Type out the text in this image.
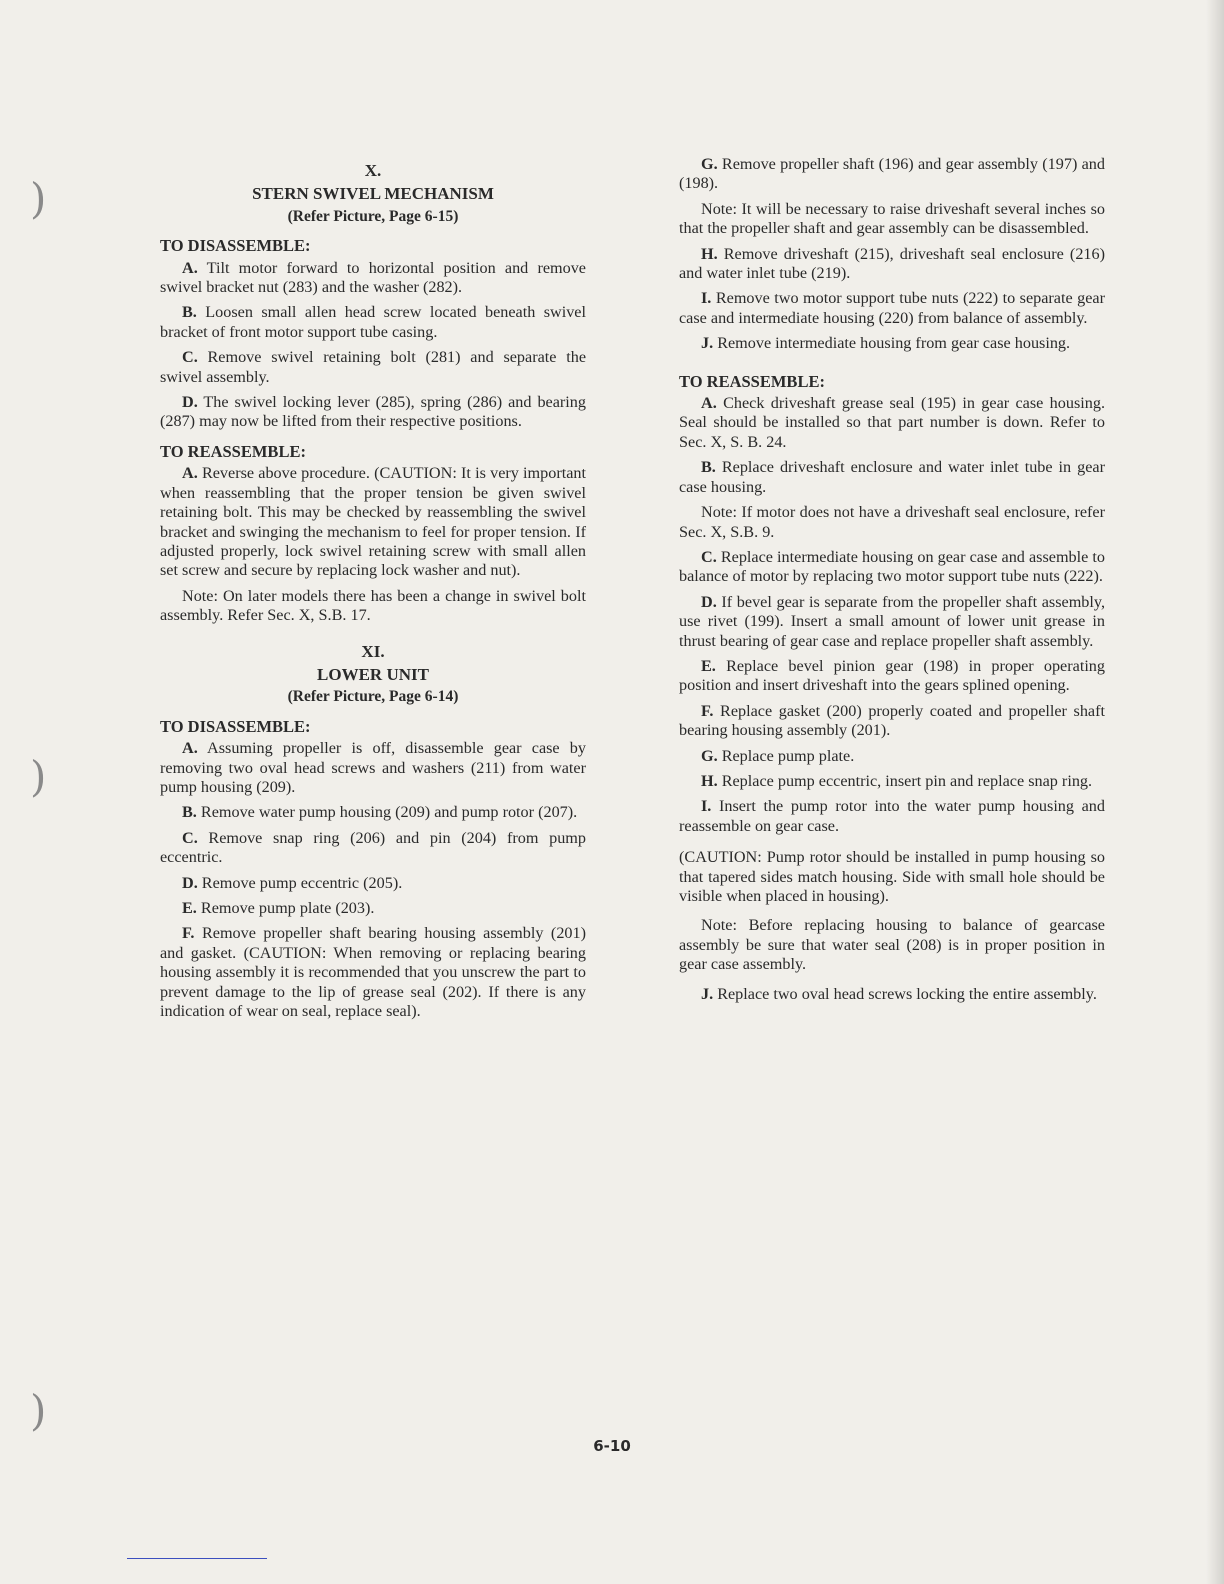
)
)
)
X.
STERN SWIVEL MECHANISM
(Refer Picture, Page 6-15)
TO DISASSEMBLE:

A. Tilt motor forward to horizontal position and remove swivel bracket nut (283) and the washer (282).

B. Loosen small allen head screw located beneath swivel bracket of front motor support tube casing.

C. Remove swivel retaining bolt (281) and separate the swivel assembly.

D. The swivel locking lever (285), spring (286) and bearing (287) may now be lifted from their respective positions.

TO REASSEMBLE:

A. Reverse above procedure. (CAUTION: It is very important when reassembling that the proper tension be given swivel retaining bolt. This may be checked by reassembling the swivel bracket and swinging the mechanism to feel for proper tension. If adjusted properly, lock swivel retaining screw with small allen set screw and secure by replacing lock washer and nut).

Note: On later models there has been a change in swivel bolt assembly. Refer Sec. X, S.B. 17.

XI.
LOWER UNIT
(Refer Picture, Page 6-14)
TO DISASSEMBLE:

A. Assuming propeller is off, disassemble gear case by removing two oval head screws and washers (211) from water pump housing (209).

B. Remove water pump housing (209) and pump rotor (207).

C. Remove snap ring (206) and pin (204) from pump eccentric.

D. Remove pump eccentric (205).

E. Remove pump plate (203).

F. Remove propeller shaft bearing housing assembly (201) and gasket. (CAUTION: When removing or replacing bearing housing assembly it is recommended that you unscrew the part to prevent damage to the lip of grease seal (202). If there is any indication of wear on seal, replace seal).

G. Remove propeller shaft (196) and gear assembly (197) and (198).

Note: It will be necessary to raise driveshaft several inches so that the propeller shaft and gear assembly can be disassembled.

H. Remove driveshaft (215), driveshaft seal enclosure (216) and water inlet tube (219).

I. Remove two motor support tube nuts (222) to separate gear case and intermediate housing (220) from balance of assembly.

J. Remove intermediate housing from gear case housing.

TO REASSEMBLE:

A. Check driveshaft grease seal (195) in gear case housing. Seal should be installed so that part number is down. Refer to Sec. X, S. B. 24.

B. Replace driveshaft enclosure and water inlet tube in gear case housing.

Note: If motor does not have a driveshaft seal enclosure, refer Sec. X, S.B. 9.

C. Replace intermediate housing on gear case and assemble to balance of motor by replacing two motor support tube nuts (222).

D. If bevel gear is separate from the propeller shaft assembly, use rivet (199). Insert a small amount of lower unit grease in thrust bearing of gear case and replace propeller shaft assembly.

E. Replace bevel pinion gear (198) in proper operating position and insert driveshaft into the gears splined opening.

F. Replace gasket (200) properly coated and propeller shaft bearing housing assembly (201).

G. Replace pump plate.

H. Replace pump eccentric, insert pin and replace snap ring.

I. Insert the pump rotor into the water pump housing and reassemble on gear case.

(CAUTION: Pump rotor should be installed in pump housing so that tapered sides match housing. Side with small hole should be visible when placed in housing).

Note: Before replacing housing to balance of gearcase assembly be sure that water seal (208) is in proper position in gear case assembly.

J. Replace two oval head screws locking the entire assembly.

6-10
